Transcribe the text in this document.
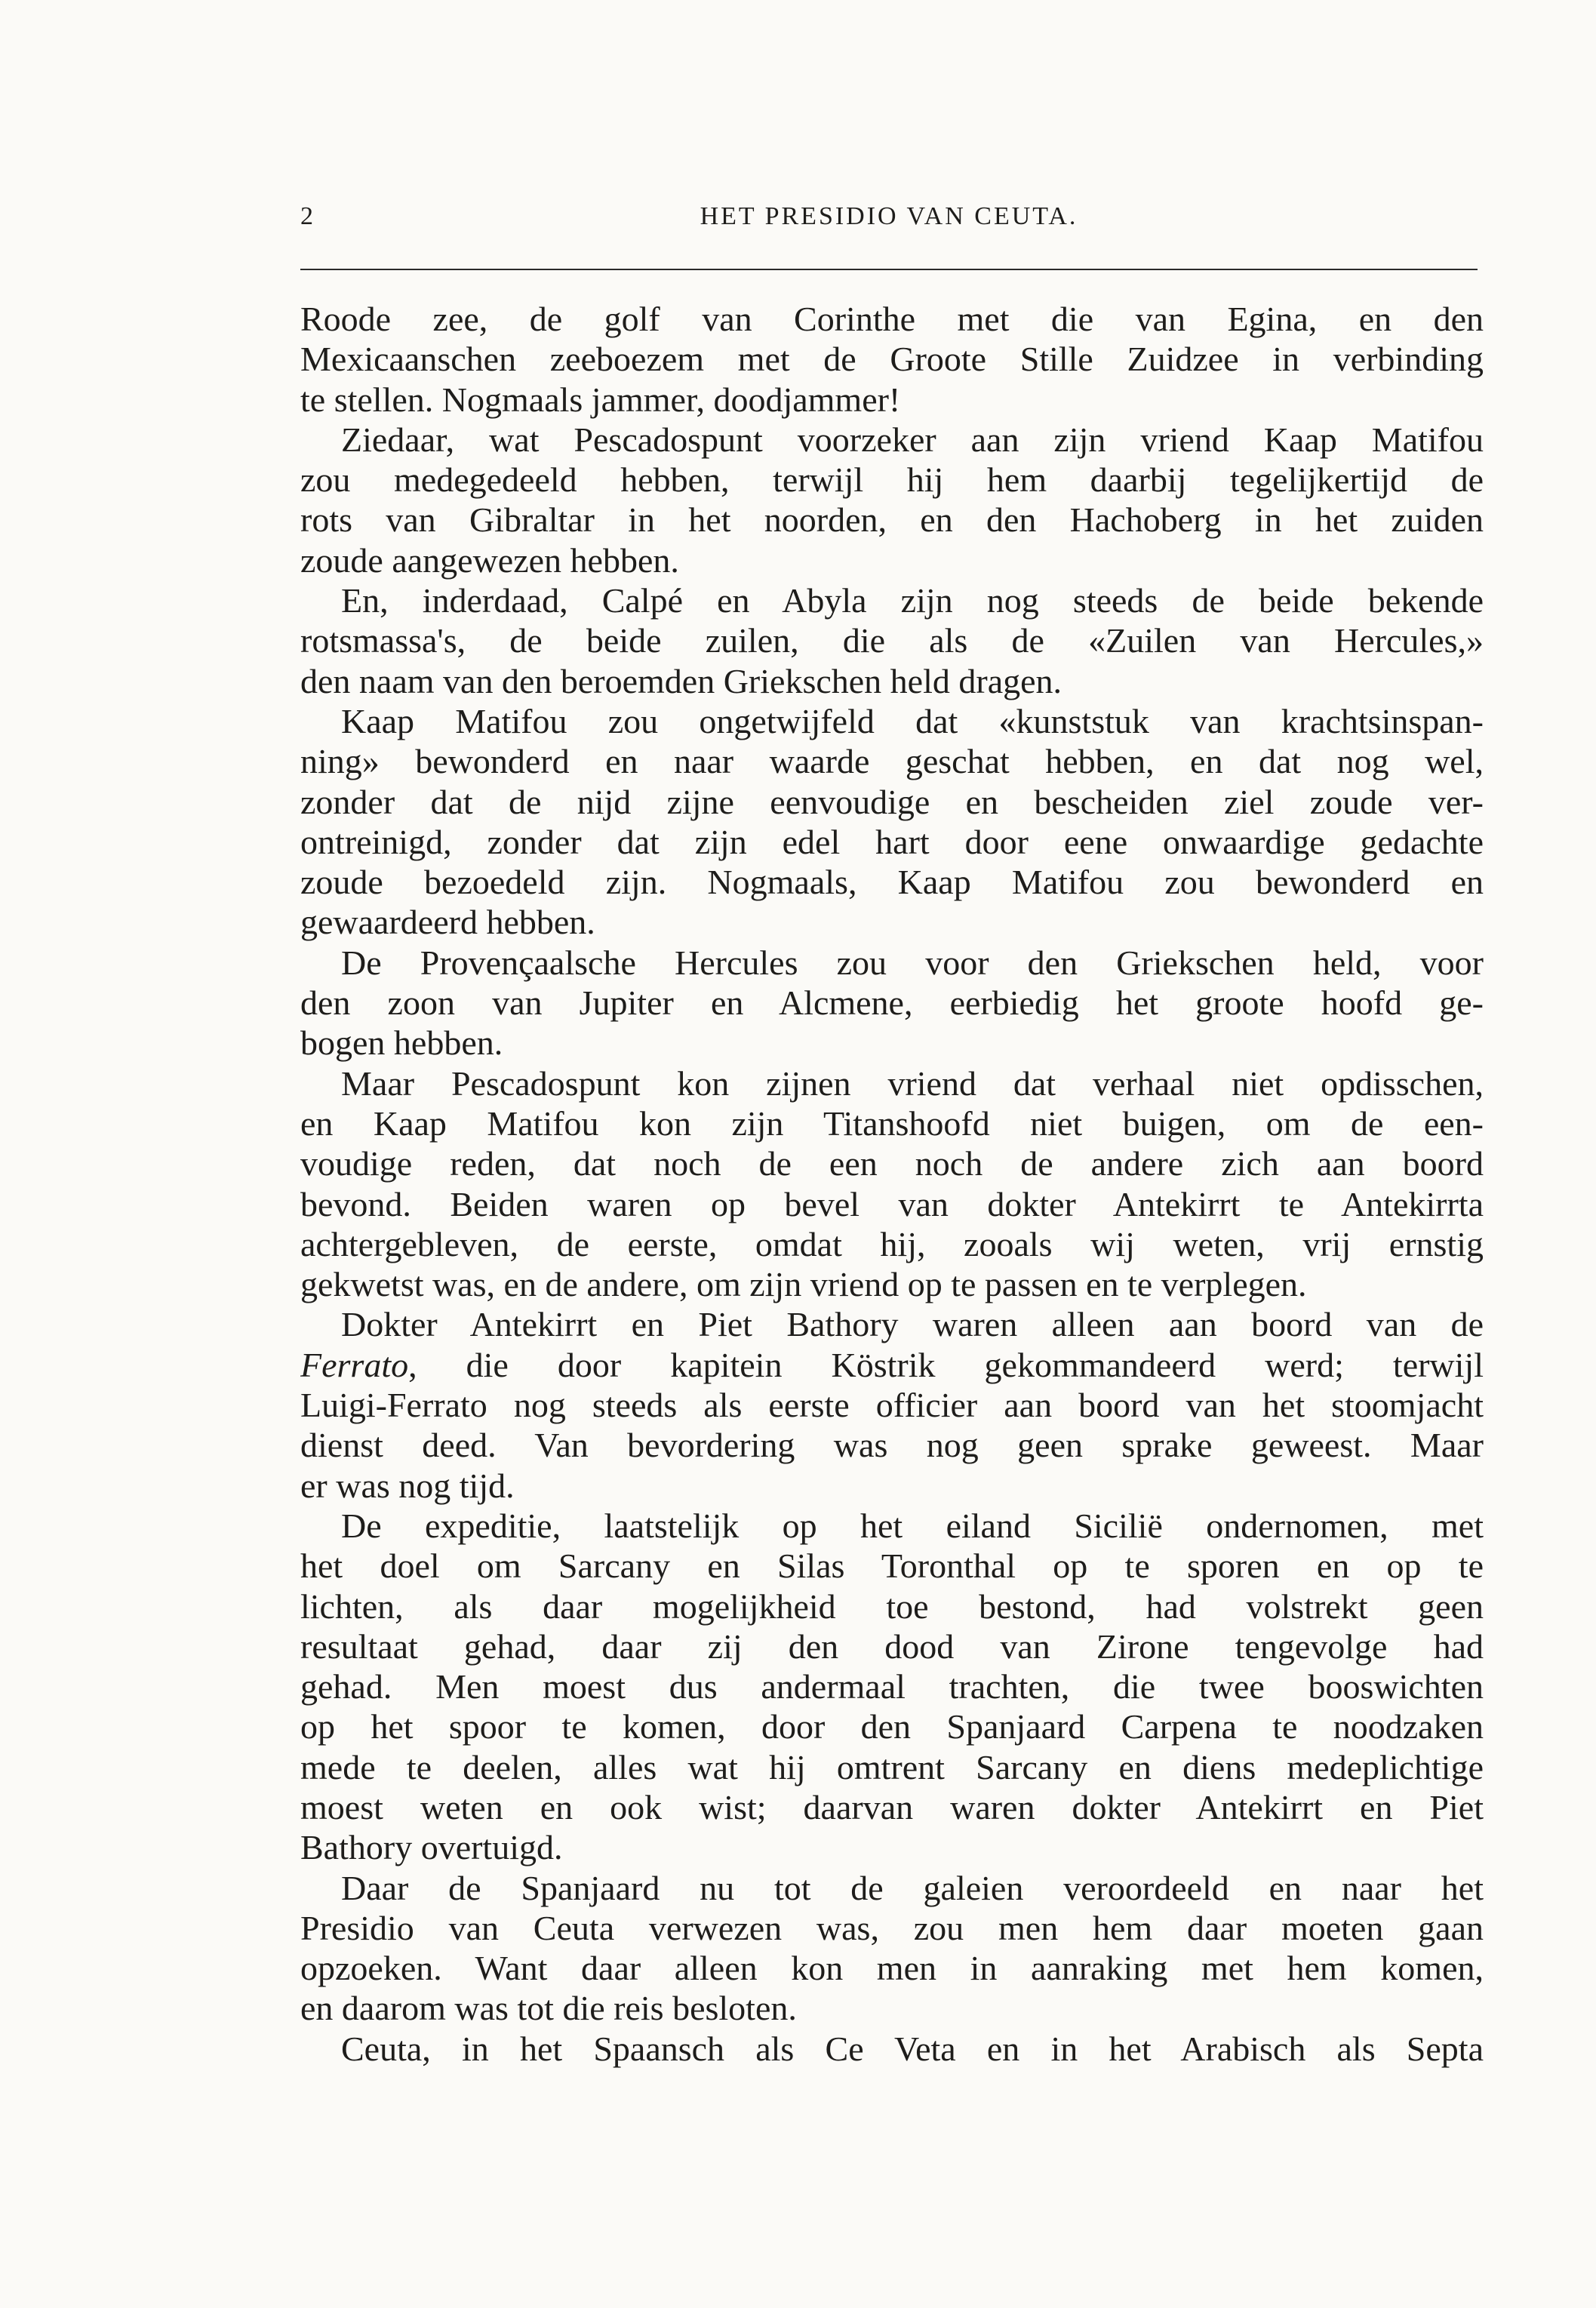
2	HET PRESIDIO VAN CEUTA.
Roode zee, de golf van Corinthe met die van Egina, en den
Mexicaanschen zeeboezem met de Groote Stille Zuidzee in verbinding
te stellen. Nogmaals jammer, doodjammer!
Ziedaar, wat Pescadospunt voorzeker aan zijn vriend Kaap Matifou
zou medegedeeld hebben, terwijl hij hem daarbij tegelijkertijd de
rots van Gibraltar in het noorden, en den Hachoberg in het zuiden
zoude aangewezen hebben.
En, inderdaad, Calpé en Abyla zijn nog steeds de beide bekende
rotsmassa's, de beide zuilen, die als de «Zuilen van Hercules,»
den naam van den beroemden Griekschen held dragen.
Kaap Matifou zou ongetwijfeld dat «kunststuk van krachtsinspan-
ning» bewonderd en naar waarde geschat hebben, en dat nog wel,
zonder dat de nijd zijne eenvoudige en bescheiden ziel zoude ver-
ontreinigd, zonder dat zijn edel hart door eene onwaardige gedachte
zoude bezoedeld zijn. Nogmaals, Kaap Matifou zou bewonderd en
gewaardeerd hebben.
De Provençaalsche Hercules zou voor den Griekschen held, voor
den zoon van Jupiter en Alcmene, eerbiedig het groote hoofd ge-
bogen hebben.
Maar Pescadospunt kon zijnen vriend dat verhaal niet opdisschen,
en Kaap Matifou kon zijn Titanshoofd niet buigen, om de een-
voudige reden, dat noch de een noch de andere zich aan boord
bevond. Beiden waren op bevel van dokter Antekirrt te Antekirrta
achtergebleven, de eerste, omdat hij, zooals wij weten, vrij ernstig
gekwetst was, en de andere, om zijn vriend op te passen en te verplegen.
Dokter Antekirrt en Piet Bathory waren alleen aan boord van de
Ferrato, die door kapitein Köstrik gekommandeerd werd; terwijl
Luigi-Ferrato nog steeds als eerste officier aan boord van het stoomjacht
dienst deed. Van bevordering was nog geen sprake geweest. Maar
er was nog tijd.
De expeditie, laatstelijk op het eiland Sicilië ondernomen, met
het doel om Sarcany en Silas Toronthal op te sporen en op te
lichten, als daar mogelijkheid toe bestond, had volstrekt geen
resultaat gehad, daar zij den dood van Zirone tengevolge had
gehad. Men moest dus andermaal trachten, die twee booswichten
op het spoor te komen, door den Spanjaard Carpena te noodzaken
mede te deelen, alles wat hij omtrent Sarcany en diens medeplichtige
moest weten en ook wist; daarvan waren dokter Antekirrt en Piet
Bathory overtuigd.
Daar de Spanjaard nu tot de galeien veroordeeld en naar het
Presidio van Ceuta verwezen was, zou men hem daar moeten gaan
opzoeken. Want daar alleen kon men in aanraking met hem komen,
en daarom was tot die reis besloten.
Ceuta, in het Spaansch als Ce Veta en in het Arabisch als Septa
